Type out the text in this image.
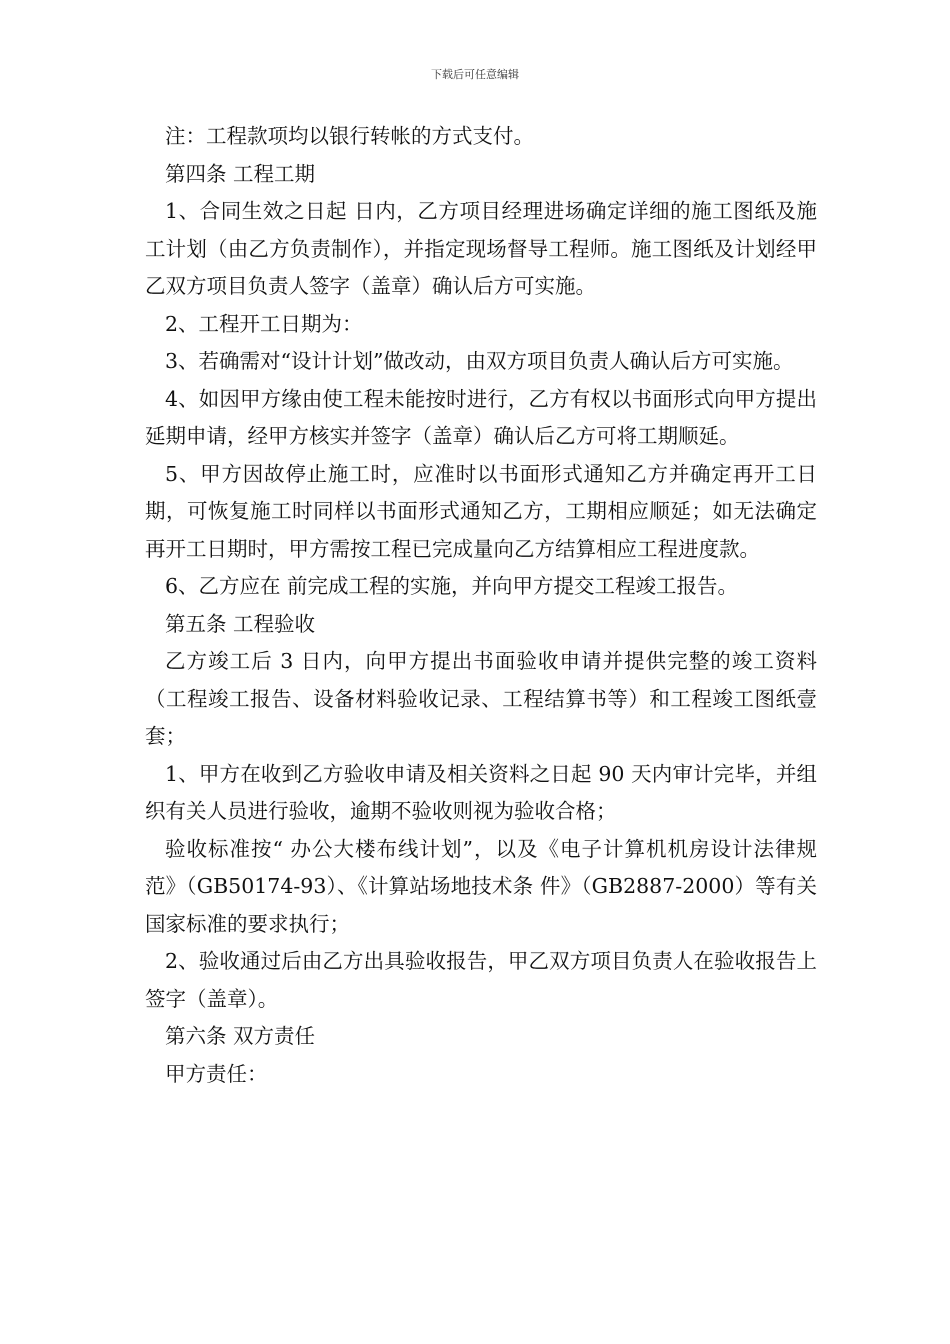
下载后可任意编辑

注：工程款项均以银行转帐的方式支付。

第四条 工程工期

1、合同生效之日起 日内，乙方项目经理进场确定详细的施工图纸及施工计划（由乙方负责制作），并指定现场督导工程师。施工图纸及计划经甲乙双方项目负责人签字（盖章）确认后方可实施。

2、工程开工日期为：

3、若确需对“设计计划”做改动，由双方项目负责人确认后方可实施。

4、如因甲方缘由使工程未能按时进行，乙方有权以书面形式向甲方提出延期申请，经甲方核实并签字（盖章）确认后乙方可将工期顺延。

5、甲方因故停止施工时，应准时以书面形式通知乙方并确定再开工日期，可恢复施工时同样以书面形式通知乙方，工期相应顺延；如无法确定再开工日期时，甲方需按工程已完成量向乙方结算相应工程进度款。

6、乙方应在 前完成工程的实施，并向甲方提交工程竣工报告。

第五条 工程验收

乙方竣工后 3 日内，向甲方提出书面验收申请并提供完整的竣工资料（工程竣工报告、设备材料验收记录、工程结算书等）和工程竣工图纸壹套；

1、甲方在收到乙方验收申请及相关资料之日起 90 天内审计完毕，并组织有关人员进行验收，逾期不验收则视为验收合格；

验收标准按“ 办公大楼布线计划”，以及《电子计算机机房设计法律规范》（GB50174-93）、《计算站场地技术条 件》（GB2887-2000）等有关国家标准的要求执行；

2、验收通过后由乙方出具验收报告，甲乙双方项目负责人在验收报告上签字（盖章）。

第六条 双方责任

甲方责任：
